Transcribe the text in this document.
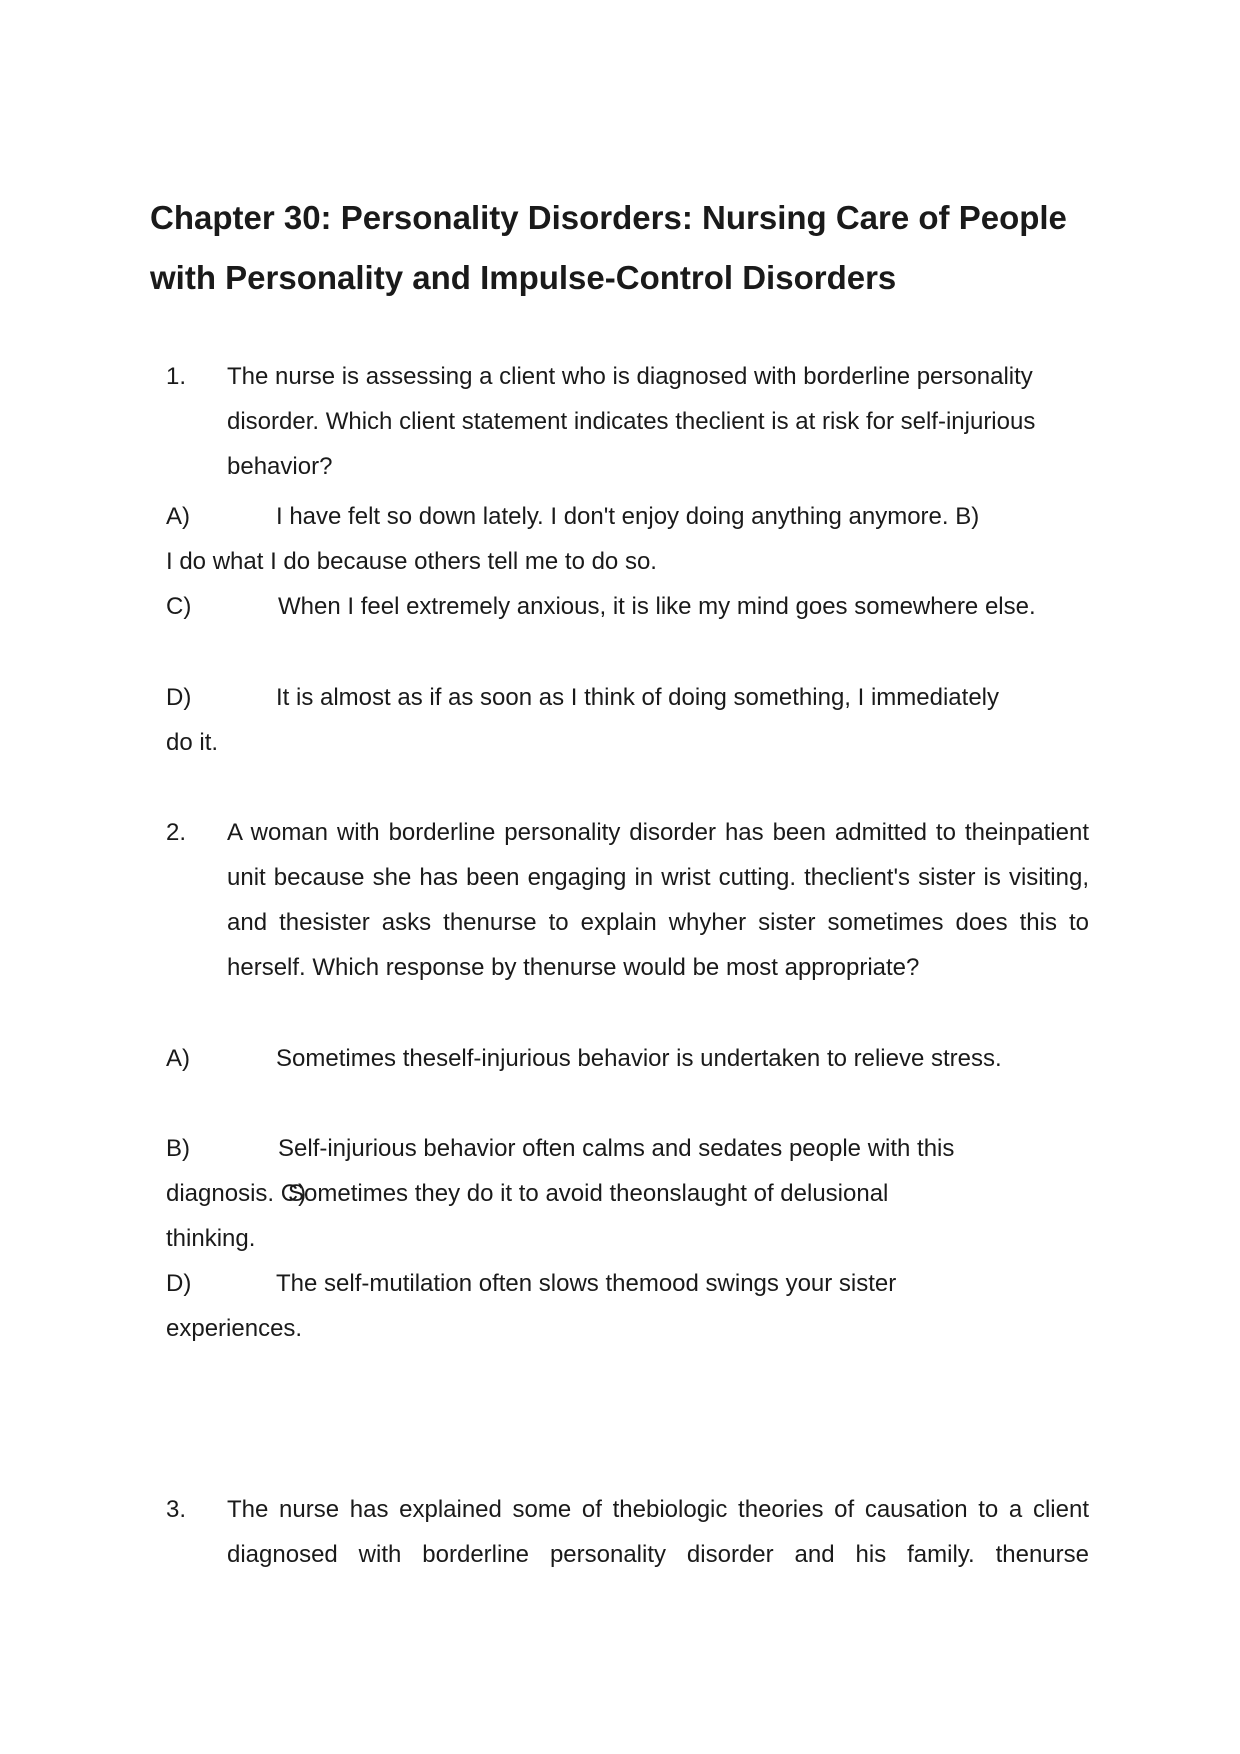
Chapter 30: Personality Disorders: Nursing Care of People
with Personality and Impulse-Control Disorders
1. The nurse is assessing a client who is diagnosed with borderline personality disorder. Which client statement indicates theclient is at risk for self-injurious behavior?
A)	I have felt so down lately. I don't enjoy doing anything anymore. B)
I do what I do because others tell me to do so.
C)	When I feel extremely anxious, it is like my mind goes somewhere else.
D)	It is almost as if as soon as I think of doing something, I immediately
do it.
2. A woman with borderline personality disorder has been admitted to theinpatient unit because she has been engaging in wrist cutting. theclient's sister is visiting, and thesister asks thenurse to explain whyher sister sometimes does this to herself. Which response by thenurse would be most appropriate?
A)	Sometimes theself-injurious behavior is undertaken to relieve stress.
B)	Self-injurious behavior often calms and sedates people with this
diagnosis. C)Sometimes they do it to avoid theonslaught of delusional
thinking.
D)	The self-mutilation often slows themood swings your sister
experiences.
3. The nurse has explained some of thebiologic theories of causation to a client diagnosed with borderline personality disorder and his family. thenurse
